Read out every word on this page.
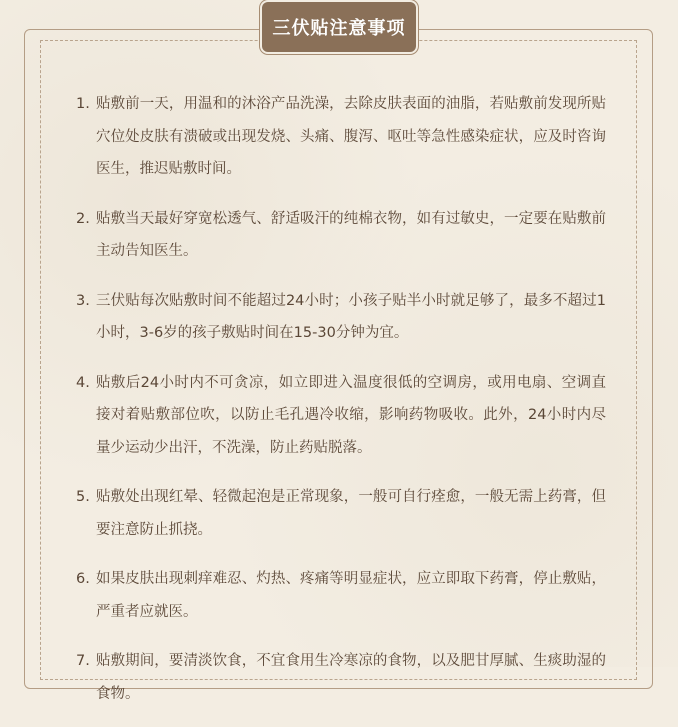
三伏贴注意事项
1. 贴敷前一天，用温和的沐浴产品洗澡，去除皮肤表面的油脂，若贴敷前发现所贴穴位处皮肤有溃破或出现发烧、头痛、腹泻、呕吐等急性感染症状，应及时咨询医生，推迟贴敷时间。
2. 贴敷当天最好穿宽松透气、舒适吸汗的纯棉衣物，如有过敏史，一定要在贴敷前主动告知医生。
3. 三伏贴每次贴敷时间不能超过24小时；小孩子贴半小时就足够了，最多不超过1小时，3-6岁的孩子敷贴时间在15-30分钟为宜。
4. 贴敷后24小时内不可贪凉，如立即进入温度很低的空调房，或用电扇、空调直接对着贴敷部位吹，以防止毛孔遇冷收缩，影响药物吸收。此外，24小时内尽量少运动少出汗，不洗澡，防止药贴脱落。
5. 贴敷处出现红晕、轻微起泡是正常现象，一般可自行痊愈，一般无需上药膏，但要注意防止抓挠。
6. 如果皮肤出现刺痒难忍、灼热、疼痛等明显症状，应立即取下药膏，停止敷贴，严重者应就医。
7. 贴敷期间，要清淡饮食，不宜食用生冷寒凉的食物，以及肥甘厚腻、生痰助湿的食物。
